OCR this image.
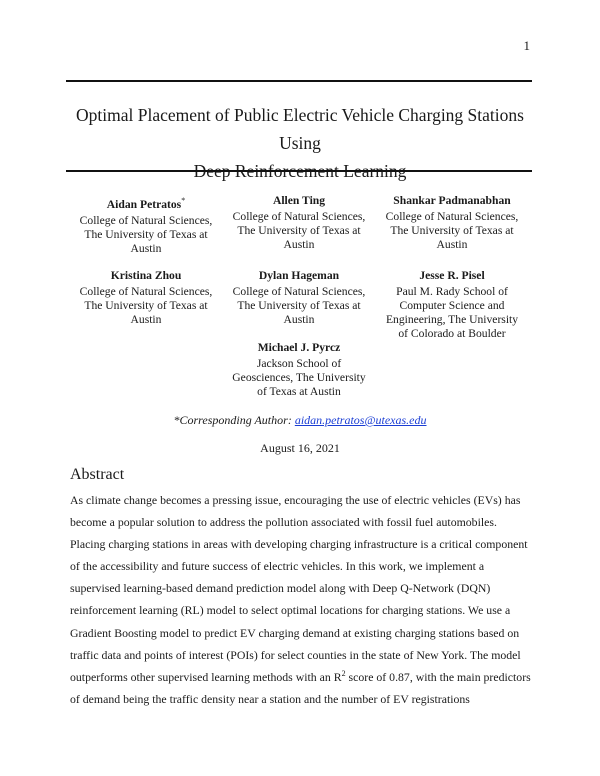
1
Optimal Placement of Public Electric Vehicle Charging Stations Using
Deep Reinforcement Learning
Aidan Petratos*
College of Natural Sciences,
The University of Texas at
Austin
Allen Ting
College of Natural Sciences,
The University of Texas at
Austin
Shankar Padmanabhan
College of Natural Sciences,
The University of Texas at
Austin
Kristina Zhou
College of Natural Sciences,
The University of Texas at
Austin
Dylan Hageman
College of Natural Sciences,
The University of Texas at
Austin
Jesse R. Pisel
Paul M. Rady School of
Computer Science and
Engineering, The University
of Colorado at Boulder
Michael J. Pyrcz
Jackson School of
Geosciences, The University
of Texas at Austin
*Corresponding Author: aidan.petratos@utexas.edu
August 16, 2021
Abstract

As climate change becomes a pressing issue, encouraging the use of electric vehicles (EVs) has become a popular solution to address the pollution associated with fossil fuel automobiles. Placing charging stations in areas with developing charging infrastructure is a critical component of the accessibility and future success of electric vehicles. In this work, we implement a supervised learning-based demand prediction model along with Deep Q-Network (DQN) reinforcement learning (RL) model to select optimal locations for charging stations. We use a Gradient Boosting model to predict EV charging demand at existing charging stations based on traffic data and points of interest (POIs) for select counties in the state of New York. The model outperforms other supervised learning methods with an $R^2$ score of 0.87, with the main predictors of demand being the traffic density near a station and the number of EV registrations
